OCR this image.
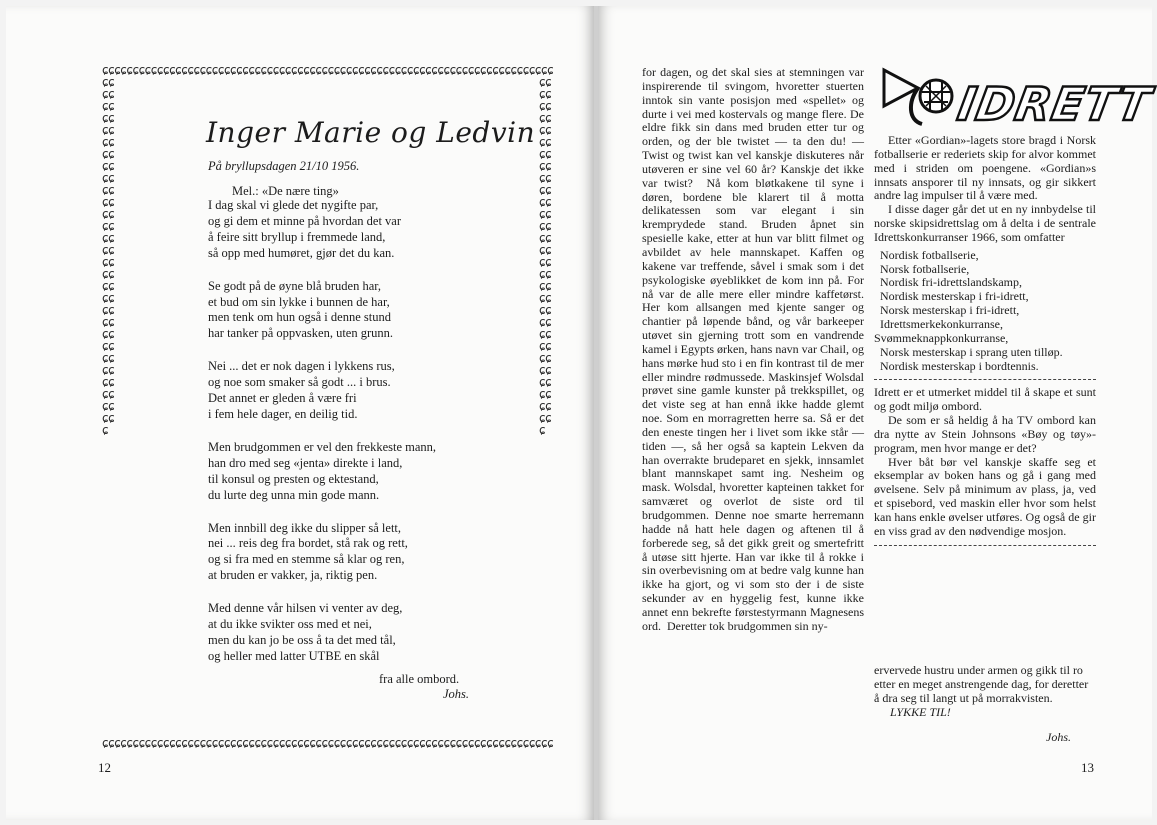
ɕɕɕɕɕɕɕɕɕɕɕɕɕɕɕɕɕɕɕɕɕɕɕɕɕɕɕɕɕɕɕɕɕɕɕɕɕɕɕɕɕɕɕɕɕɕɕɕɕɕɕɕɕɕɕɕɕɕɕɕɕɕɕɕɕɕɕɕɕɕɕɕɕɕ
ɕɕɕɕɕɕɕɕɕɕɕɕɕɕɕɕɕɕɕɕɕɕɕɕɕɕɕɕɕɕɕɕɕɕɕɕɕɕɕɕɕɕɕɕɕɕɕɕɕɕɕɕɕɕɕɕɕɕɕɕɕɕɕɕɕɕɕɕɕɕɕɕɕɕ
ɕɕɕɕɕɕɕɕɕɕɕɕɕɕɕɕɕɕɕɕɕɕɕɕɕɕɕɕɕɕɕɕɕɕɕɕɕɕɕɕɕɕɕɕɕɕɕɕɕɕɕɕɕɕɕɕɕɕɕ
ɕɕɕɕɕɕɕɕɕɕɕɕɕɕɕɕɕɕɕɕɕɕɕɕɕɕɕɕɕɕɕɕɕɕɕɕɕɕɕɕɕɕɕɕɕɕɕɕɕɕɕɕɕɕɕɕɕɕɕ
Inger Marie og Ledvin
På bryllupsdagen 21/10 1956.
Mel.: «De nære ting»
I dag skal vi glede det nygifte par,
og gi dem et minne på hvordan det var
å feire sitt bryllup i fremmede land,
så opp med humøret, gjør det du kan.
Se godt på de øyne blå bruden har,
et bud om sin lykke i bunnen de har,
men tenk om hun også i denne stund
har tanker på oppvasken, uten grunn.
Nei ... det er nok dagen i lykkens rus,
og noe som smaker så godt ... i brus.
Det annet er gleden å være fri
i fem hele dager, en deilig tid.
Men brudgommen er vel den frekkeste mann,
han dro med seg «jenta» direkte i land,
til konsul og presten og ektestand,
du lurte deg unna min gode mann.
Men innbill deg ikke du slipper så lett,
nei ... reis deg fra bordet, stå rak og rett,
og si fra med en stemme så klar og ren,
at bruden er vakker, ja, riktig pen.
Med denne vår hilsen vi venter av deg,
at du ikke svikter oss med et nei,
men du kan jo be oss å ta det med tål,
og heller med latter UTBE en skål
fra alle ombord.
Johs.
12

for dagen, og det skal sies at stemningen var inspirerende til svingom, hvoretter stuerten inntok sin vante posisjon med «spellet» og durte i vei med kostervals og mange flere. De eldre fikk sin dans med bruden etter tur og orden, og der ble twistet — ta den du! — Twist og twist kan vel kanskje diskuteres når utøveren er sine vel 60 år? Kanskje det ikke var twist?  Nå kom bløtkakene til syne i døren, bordene ble klarert til å motta delikatessen som var elegant i sin kremprydede stand. Bruden åpnet sin spesielle kake, etter at hun var blitt filmet og avbildet av hele mannskapet. Kaffen og kakene var treffende, såvel i smak som i det psykologiske øyeblikket de kom inn på. For nå var de alle mere eller mindre kaffetørst. Her kom allsangen med kjente sanger og chantier på løpende bånd, og vår barkeeper utøvet sin gjerning trott som en vandrende kamel i Egypts ørken, hans navn var Chail, og hans mørke hud sto i en fin kontrast til de mer eller mindre rødmussede. Maskinsjef Wolsdal prøvet sine gamle kunster på trekkspillet, og det viste seg at han ennå ikke hadde glemt noe. Som en morragretten herre sa. Så er det den eneste tingen her i livet som ikke står — tiden —, så her også sa kaptein Lekven da han overrakte brudeparet en sjekk, innsamlet blant mannskapet samt ing. Nesheim og mask. Wolsdal, hvoretter kapteinen takket for samværet og overlot de siste ord til brudgommen. Denne noe smarte herremann hadde nå hatt hele dagen og aftenen til å forberede seg, så det gikk greit og smertefritt å utøse sitt hjerte. Han var ikke til å rokke i sin overbevisning om at bedre valg kunne han ikke ha gjort, og vi som sto der i de siste sekunder av en hyggelig fest, kunne ikke annet enn bekrefte førstestyrmann Magnesens ord.  Deretter tok brudgommen sin ny-

IDRETT

Etter «Gordian»-lagets store bragd i Norsk fotballserie er rederiets skip for alvor kommet med i striden om poengene. «Gordian»s innsats ansporer til ny innsats, og gir sikkert andre lag impulser til å være med.

I disse dager går det ut en ny innbydelse til norske skipsidrettslag om å delta i de sentrale Idrettskonkurranser 1966, som omfatter

Nordisk fotballserie,
Norsk fotballserie,
Nordisk fri-idrettslandskamp,
Nordisk mesterskap i fri-idrett,
Norsk mesterskap i fri-idrett,
Idrettsmerkekonkurranse,
Svømmeknappkonkurranse,
Norsk mesterskap i sprang uten tilløp.
Nordisk mesterskap i bordtennis.

Idrett er et utmerket middel til å skape et sunt og godt miljø ombord.

De som er så heldig å ha TV ombord kan dra nytte av Stein Johnsons «Bøy og tøy»-program, men hvor mange er det?

Hver båt bør vel kanskje skaffe seg et eksemplar av boken hans og gå i gang med øvelsene. Selv på minimum av plass, ja, ved et spisebord, ved maskin eller hvor som helst kan hans enkle øvelser utføres. Og også de gir en viss grad av den nødvendige mosjon.

ervervede hustru under armen og gikk til ro etter en meget anstrengende dag, for deretter å dra seg til langt ut på morrakvisten.
LYKKE TIL!
Johs.
13
